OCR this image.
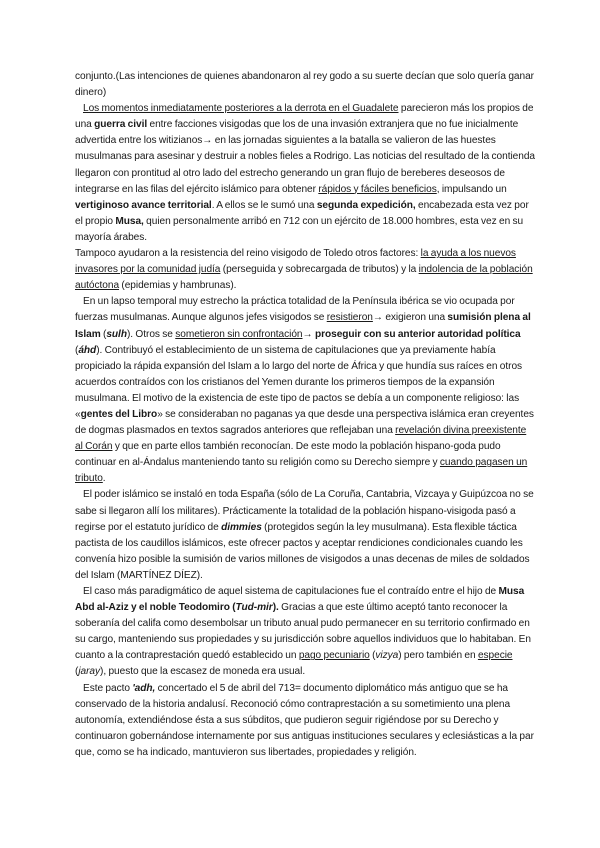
conjunto.(Las intenciones de quienes abandonaron al rey godo a su suerte decían que solo quería ganar dinero)

Los momentos inmediatamente posteriores a la derrota en el Guadalete parecieron más los propios de una guerra civil entre facciones visigodas que los de una invasión extranjera que no fue inicialmente advertida entre los witizianos→ en las jornadas siguientes a la batalla se valieron de las huestes musulmanas para asesinar y destruir a nobles fieles a Rodrigo. Las noticias del resultado de la contienda llegaron con prontitud al otro lado del estrecho generando un gran flujo de bereberes deseosos de integrarse en las filas del ejército islámico para obtener rápidos y fáciles beneficios, impulsando un vertiginoso avance territorial. A ellos se le sumó una segunda expedición, encabezada esta vez por el propio Musa, quien personalmente arribó en 712 con un ejército de 18.000 hombres, esta vez en su mayoría árabes.

Tampoco ayudaron a la resistencia del reino visigodo de Toledo otros factores: la ayuda a los nuevos invasores por la comunidad judía (perseguida y sobrecargada de tributos) y la indolencia de la población autóctona (epidemias y hambrunas).

En un lapso temporal muy estrecho la práctica totalidad de la Península ibérica se vio ocupada por fuerzas musulmanas. Aunque algunos jefes visigodos se resistieron→ exigieron una sumisión plena al Islam (sulh). Otros se sometieron sin confrontación→ proseguir con su anterior autoridad política (áhd). Contribuyó el establecimiento de un sistema de capitulaciones que ya previamente había propiciado la rápida expansión del Islam a lo largo del norte de África y que hundía sus raíces en otros acuerdos contraídos con los cristianos del Yemen durante los primeros tiempos de la expansión musulmana. El motivo de la existencia de este tipo de pactos se debía a un componente religioso: las «gentes del Libro» se consideraban no paganas ya que desde una perspectiva islámica eran creyentes de dogmas plasmados en textos sagrados anteriores que reflejaban una revelación divina preexistente al Corán y que en parte ellos también reconocían. De este modo la población hispano-goda pudo continuar en al-Ándalus manteniendo tanto su religión como su Derecho siempre y cuando pagasen un tributo.

El poder islámico se instaló en toda España (sólo de La Coruña, Cantabria, Vizcaya y Guipúzcoa no se sabe si llegaron allí los militares). Prácticamente la totalidad de la población hispano-visigoda pasó a regirse por el estatuto jurídico de dimmies (protegidos según la ley musulmana). Esta flexible táctica pactista de los caudillos islámicos, este ofrecer pactos y aceptar rendiciones condicionales cuando les convenía hizo posible la sumisión de varios millones de visigodos a unas decenas de miles de soldados del Islam (MARTÍNEZ DÍEZ).

El caso más paradigmático de aquel sistema de capitulaciones fue el contraído entre el hijo de Musa Abd al-Aziz y el noble Teodomiro (Tud-mir). Gracias a que este último aceptó tanto reconocer la soberanía del califa como desembolsar un tributo anual pudo permanecer en su territorio confirmado en su cargo, manteniendo sus propiedades y su jurisdicción sobre aquellos individuos que lo habitaban. En cuanto a la contraprestación quedó establecido un pago pecuniario (vizya) pero también en especie (jaray), puesto que la escasez de moneda era usual.

Este pacto 'adh, concertado el 5 de abril del 713= documento diplomático más antiguo que se ha conservado de la historia andalusí. Reconoció cómo contraprestación a su sometimiento una plena autonomía, extendiéndose ésta a sus súbditos, que pudieron seguir rigiéndose por su Derecho y continuaron gobernándose internamente por sus antiguas instituciones seculares y eclesiásticas a la par que, como se ha indicado, mantuvieron sus libertades, propiedades y religión.
